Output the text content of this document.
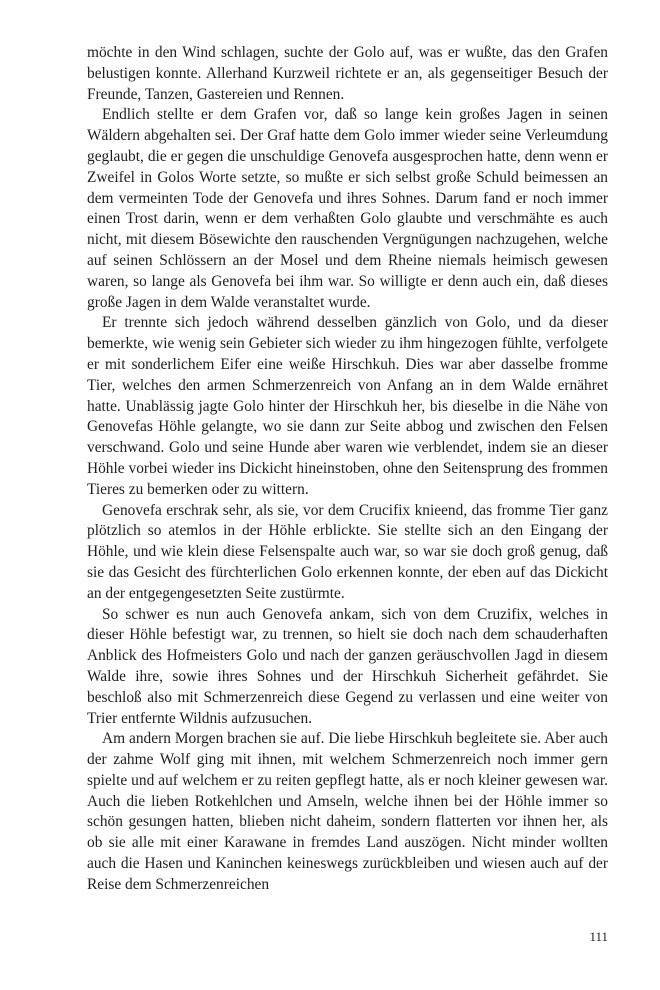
möchte in den Wind schlagen, suchte der Golo auf, was er wußte, das den Grafen belustigen konnte. Allerhand Kurzweil richtete er an, als gegenseitiger Besuch der Freunde, Tanzen, Gastereien und Rennen.

Endlich stellte er dem Grafen vor, daß so lange kein großes Jagen in seinen Wäldern abgehalten sei. Der Graf hatte dem Golo immer wieder seine Verleumdung geglaubt, die er gegen die unschuldige Genovefa ausgesprochen hatte, denn wenn er Zweifel in Golos Worte setzte, so mußte er sich selbst große Schuld beimessen an dem vermeinten Tode der Genovefa und ihres Sohnes. Darum fand er noch immer einen Trost darin, wenn er dem verhaßten Golo glaubte und verschmähte es auch nicht, mit diesem Bösewichte den rauschenden Vergnügungen nachzugehen, welche auf seinen Schlössern an der Mosel und dem Rheine niemals heimisch gewesen waren, so lange als Genovefa bei ihm war. So willigte er denn auch ein, daß dieses große Jagen in dem Walde veranstaltet wurde.

Er trennte sich jedoch während desselben gänzlich von Golo, und da dieser bemerkte, wie wenig sein Gebieter sich wieder zu ihm hingezogen fühlte, verfolgete er mit sonderlichem Eifer eine weiße Hirschkuh. Dies war aber dasselbe fromme Tier, welches den armen Schmerzenreich von Anfang an in dem Walde ernähret hatte. Unablässig jagte Golo hinter der Hirschkuh her, bis dieselbe in die Nähe von Genovefas Höhle gelangte, wo sie dann zur Seite abbog und zwischen den Felsen verschwand. Golo und seine Hunde aber waren wie verblendet, indem sie an dieser Höhle vorbei wieder ins Dickicht hineinstoben, ohne den Seitensprung des frommen Tieres zu bemerken oder zu wittern.

Genovefa erschrak sehr, als sie, vor dem Crucifix knieend, das fromme Tier ganz plötzlich so atemlos in der Höhle erblickte. Sie stellte sich an den Eingang der Höhle, und wie klein diese Felsenspalte auch war, so war sie doch groß genug, daß sie das Gesicht des fürchterlichen Golo erkennen konnte, der eben auf das Dickicht an der entgegengesetzten Seite zustürmte.

So schwer es nun auch Genovefa ankam, sich von dem Cruzifix, welches in dieser Höhle befestigt war, zu trennen, so hielt sie doch nach dem schauderhaften Anblick des Hofmeisters Golo und nach der ganzen geräuschvollen Jagd in diesem Walde ihre, sowie ihres Sohnes und der Hirschkuh Sicherheit gefährdet. Sie beschloß also mit Schmerzenreich diese Gegend zu verlassen und eine weiter von Trier entfernte Wildnis aufzusuchen.

Am andern Morgen brachen sie auf. Die liebe Hirschkuh begleitete sie. Aber auch der zahme Wolf ging mit ihnen, mit welchem Schmerzenreich noch immer gern spielte und auf welchem er zu reiten gepflegt hatte, als er noch kleiner gewesen war. Auch die lieben Rotkehlchen und Amseln, welche ihnen bei der Höhle immer so schön gesungen hatten, blieben nicht daheim, sondern flatterten vor ihnen her, als ob sie alle mit einer Karawane in fremdes Land auszögen. Nicht minder wollten auch die Hasen und Kaninchen keineswegs zurückbleiben und wiesen auch auf der Reise dem Schmerzenreichen

111
